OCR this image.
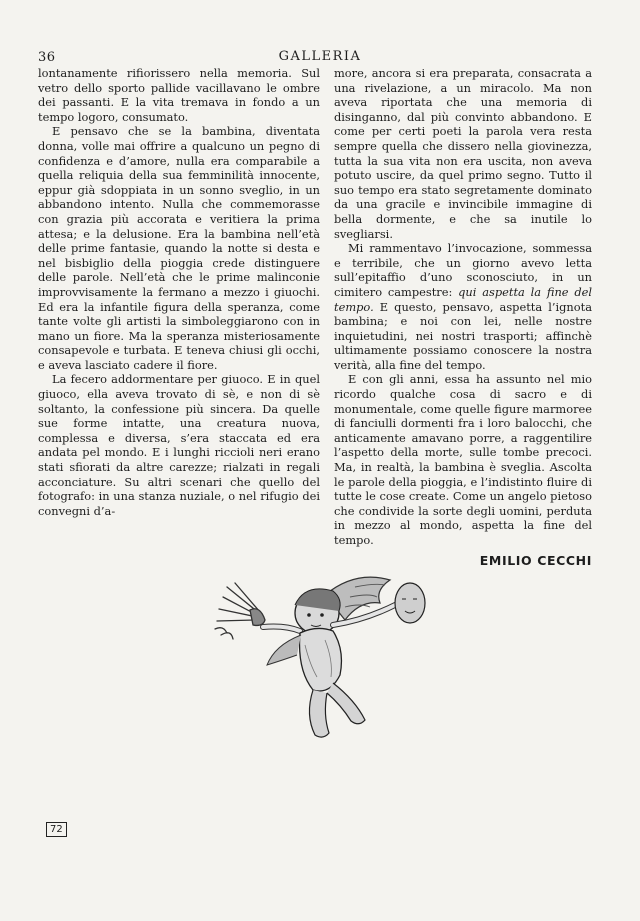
36	GALLERIA

lontanamente rifiorissero nella memoria. Sul vetro dello sporto pallide vacillavano le ombre dei passanti. E la vita tremava in fondo a un tempo logoro, consumato.

E pensavo che se la bambina, diventata donna, volle mai offrire a qualcuno un pegno di confidenza e d’amore, nulla era comparabile a quella reliquia della sua femminilità innocente, eppur già sdoppiata in un sonno sveglio, in un abbandono intento. Nulla che commemorasse con grazia più accorata e veritiera la prima attesa; e la delusione. Era la bambina nell’età delle prime fantasie, quando la notte si desta e nel bisbiglio della pioggia crede distinguere delle parole. Nell’età che le prime malinconie improvvisamente la fermano a mezzo i giuochi. Ed era la infantile figura della speranza, come tante volte gli artisti la simboleggiarono con in mano un fiore. Ma la speranza misteriosamente consapevole e turbata. E teneva chiusi gli occhi, e aveva lasciato cadere il fiore.

La fecero addormentare per giuoco. E in quel giuoco, ella aveva trovato di sè, e non di sè soltanto, la confessione più sincera. Da quelle sue forme intatte, una creatura nuova, complessa e diversa, s’era staccata ed era andata pel mondo. E i lunghi riccioli neri erano stati sfiorati da altre carezze; rialzati in regali acconciature. Su altri scenari che quello del fotografo: in una stanza nuziale, o nel rifugio dei convegni d’a-

more, ancora si era preparata, consacrata a una rivelazione, a un miracolo. Ma non aveva riportata che una memoria di disinganno, dal più convinto abbandono. E come per certi poeti la parola vera resta sempre quella che dissero nella giovinezza, tutta la sua vita non era uscita, non aveva potuto uscire, da quel primo segno. Tutto il suo tempo era stato segretamente dominato da una gracile e invincibile immagine di bella dormente, e che sa inutile lo svegliarsi.

Mi rammentavo l’invocazione, sommessa e terribile, che un giorno avevo letta sull’epitaffio d’uno sconosciuto, in un cimitero campestre: qui aspetta la fine del tempo. E questo, pensavo, aspetta l’ignota bambina; e noi con lei, nelle nostre inquietudini, nei nostri trasporti; affinchè ultimamente possiamo conoscere la nostra verità, alla fine del tempo.

E con gli anni, essa ha assunto nel mio ricordo qualche cosa di sacro e di monumentale, come quelle figure marmoree di fanciulli dormenti fra i loro balocchi, che anticamente amavano porre, a raggentilire l’aspetto della morte, sulle tombe precoci. Ma, in realtà, la bambina è sveglia. Ascolta le parole della pioggia, e l’indistinto fluire di tutte le cose create. Come un angelo pietoso che condivide la sorte degli uomini, perduta in mezzo al mondo, aspetta la fine del tempo.

EMILIO CECCHI
72
